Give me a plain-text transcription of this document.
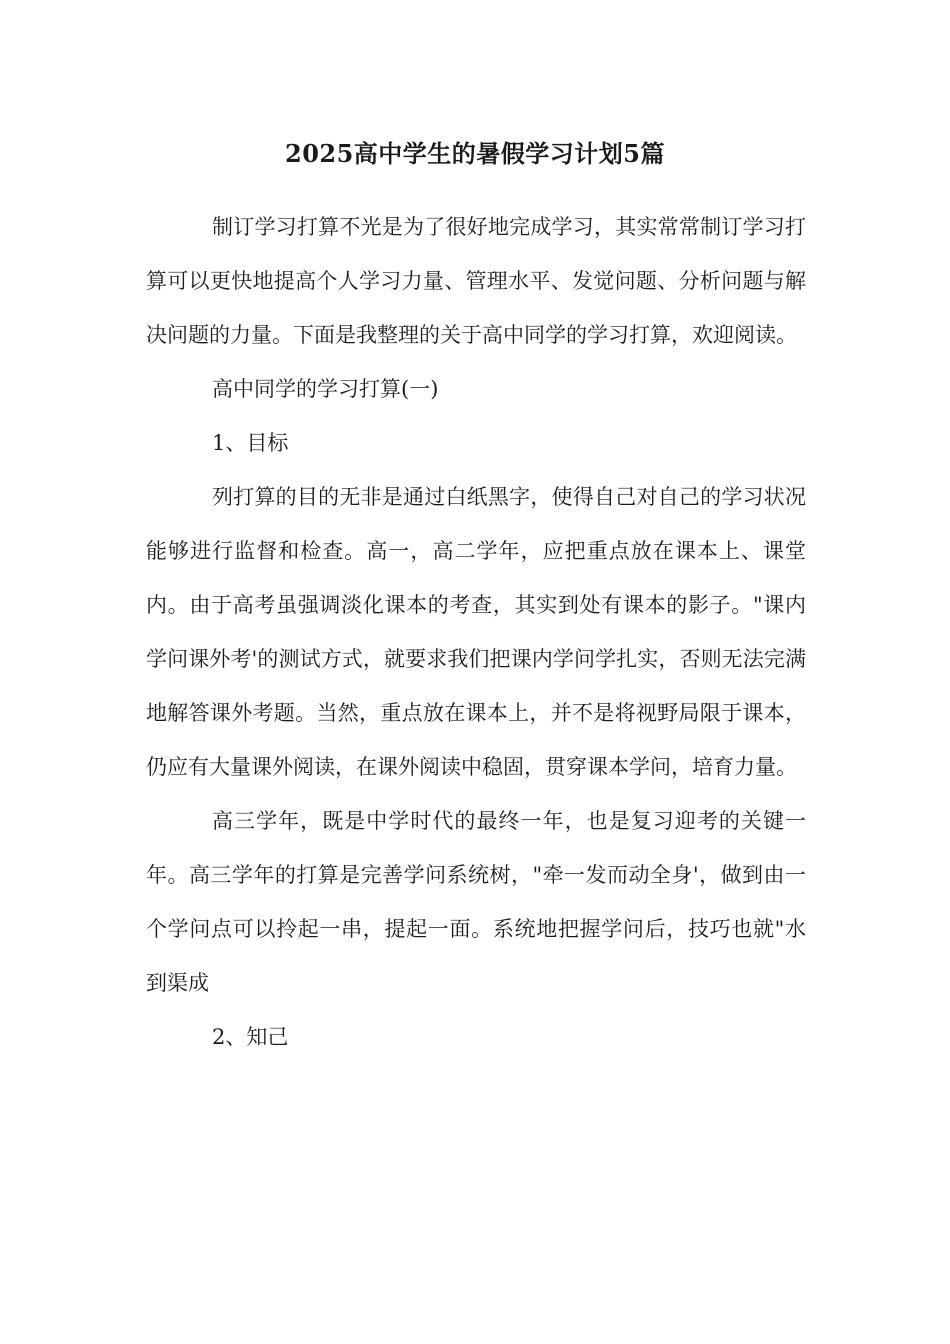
2025高中学生的暑假学习计划5篇

制订学习打算不光是为了很好地完成学习，其实常常制订学习打算可以更快地提高个人学习力量、管理水平、发觉问题、分析问题与解决问题的力量。下面是我整理的关于高中同学的学习打算，欢迎阅读。

高中同学的学习打算(一)

1、目标

列打算的目的无非是通过白纸黑字，使得自己对自己的学习状况能够进行监督和检查。高一，高二学年，应把重点放在课本上、课堂内。由于高考虽强调淡化课本的考查，其实到处有课本的影子。"课内学问课外考'的测试方式，就要求我们把课内学问学扎实，否则无法完满地解答课外考题。当然，重点放在课本上，并不是将视野局限于课本，仍应有大量课外阅读，在课外阅读中稳固，贯穿课本学问，培育力量。

高三学年，既是中学时代的最终一年，也是复习迎考的关键一年。高三学年的打算是完善学问系统树，"牵一发而动全身'，做到由一个学问点可以拎起一串，提起一面。系统地把握学问后，技巧也就"水到渠成

2、知己
